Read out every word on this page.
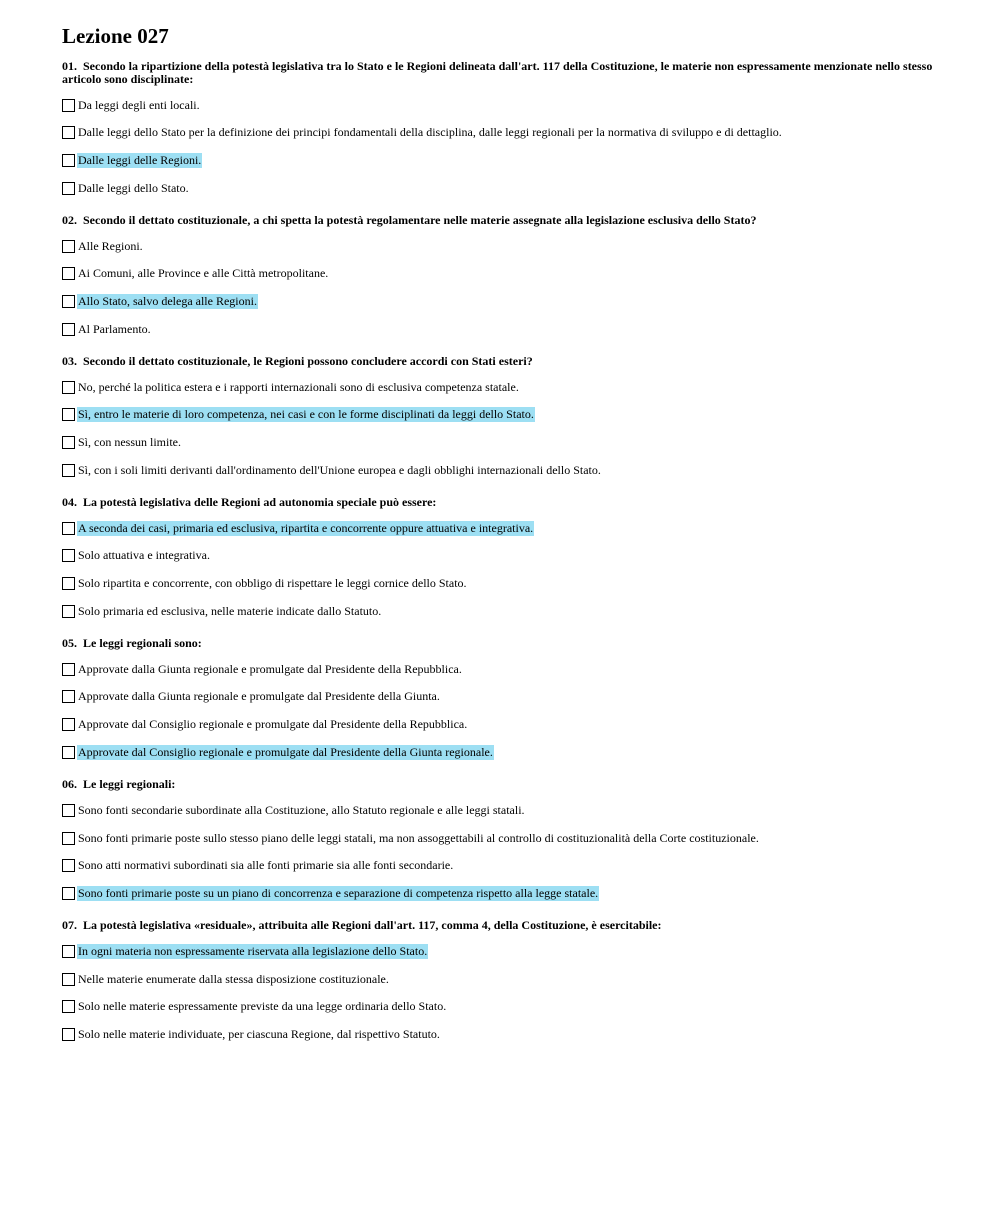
Lezione 027
01. Secondo la ripartizione della potestà legislativa tra lo Stato e le Regioni delineata dall'art. 117 della Costituzione, le materie non espressamente menzionate nello stesso articolo sono disciplinate:
Da leggi degli enti locali.
Dalle leggi dello Stato per la definizione dei principi fondamentali della disciplina, dalle leggi regionali per la normativa di sviluppo e di dettaglio.
Dalle leggi delle Regioni.
Dalle leggi dello Stato.
02. Secondo il dettato costituzionale, a chi spetta la potestà regolamentare nelle materie assegnate alla legislazione esclusiva dello Stato?
Alle Regioni.
Ai Comuni, alle Province e alle Città metropolitane.
Allo Stato, salvo delega alle Regioni.
Al Parlamento.
03. Secondo il dettato costituzionale, le Regioni possono concludere accordi con Stati esteri?
No, perché la politica estera e i rapporti internazionali sono di esclusiva competenza statale.
Sì, entro le materie di loro competenza, nei casi e con le forme disciplinati da leggi dello Stato.
Sì, con nessun limite.
Sì, con i soli limiti derivanti dall'ordinamento dell'Unione europea e dagli obblighi internazionali dello Stato.
04. La potestà legislativa delle Regioni ad autonomia speciale può essere:
A seconda dei casi, primaria ed esclusiva, ripartita e concorrente oppure attuativa e integrativa.
Solo attuativa e integrativa.
Solo ripartita e concorrente, con obbligo di rispettare le leggi cornice dello Stato.
Solo primaria ed esclusiva, nelle materie indicate dallo Statuto.
05. Le leggi regionali sono:
Approvate dalla Giunta regionale e promulgate dal Presidente della Repubblica.
Approvate dalla Giunta regionale e promulgate dal Presidente della Giunta.
Approvate dal Consiglio regionale e promulgate dal Presidente della Repubblica.
Approvate dal Consiglio regionale e promulgate dal Presidente della Giunta regionale.
06. Le leggi regionali:
Sono fonti secondarie subordinate alla Costituzione, allo Statuto regionale e alle leggi statali.
Sono fonti primarie poste sullo stesso piano delle leggi statali, ma non assoggettabili al controllo di costituzionalità della Corte costituzionale.
Sono atti normativi subordinati sia alle fonti primarie sia alle fonti secondarie.
Sono fonti primarie poste su un piano di concorrenza e separazione di competenza rispetto alla legge statale.
07. La potestà legislativa «residuale», attribuita alle Regioni dall'art. 117, comma 4, della Costituzione, è esercitabile:
In ogni materia non espressamente riservata alla legislazione dello Stato.
Nelle materie enumerate dalla stessa disposizione costituzionale.
Solo nelle materie espressamente previste da una legge ordinaria dello Stato.
Solo nelle materie individuate, per ciascuna Regione, dal rispettivo Statuto.
